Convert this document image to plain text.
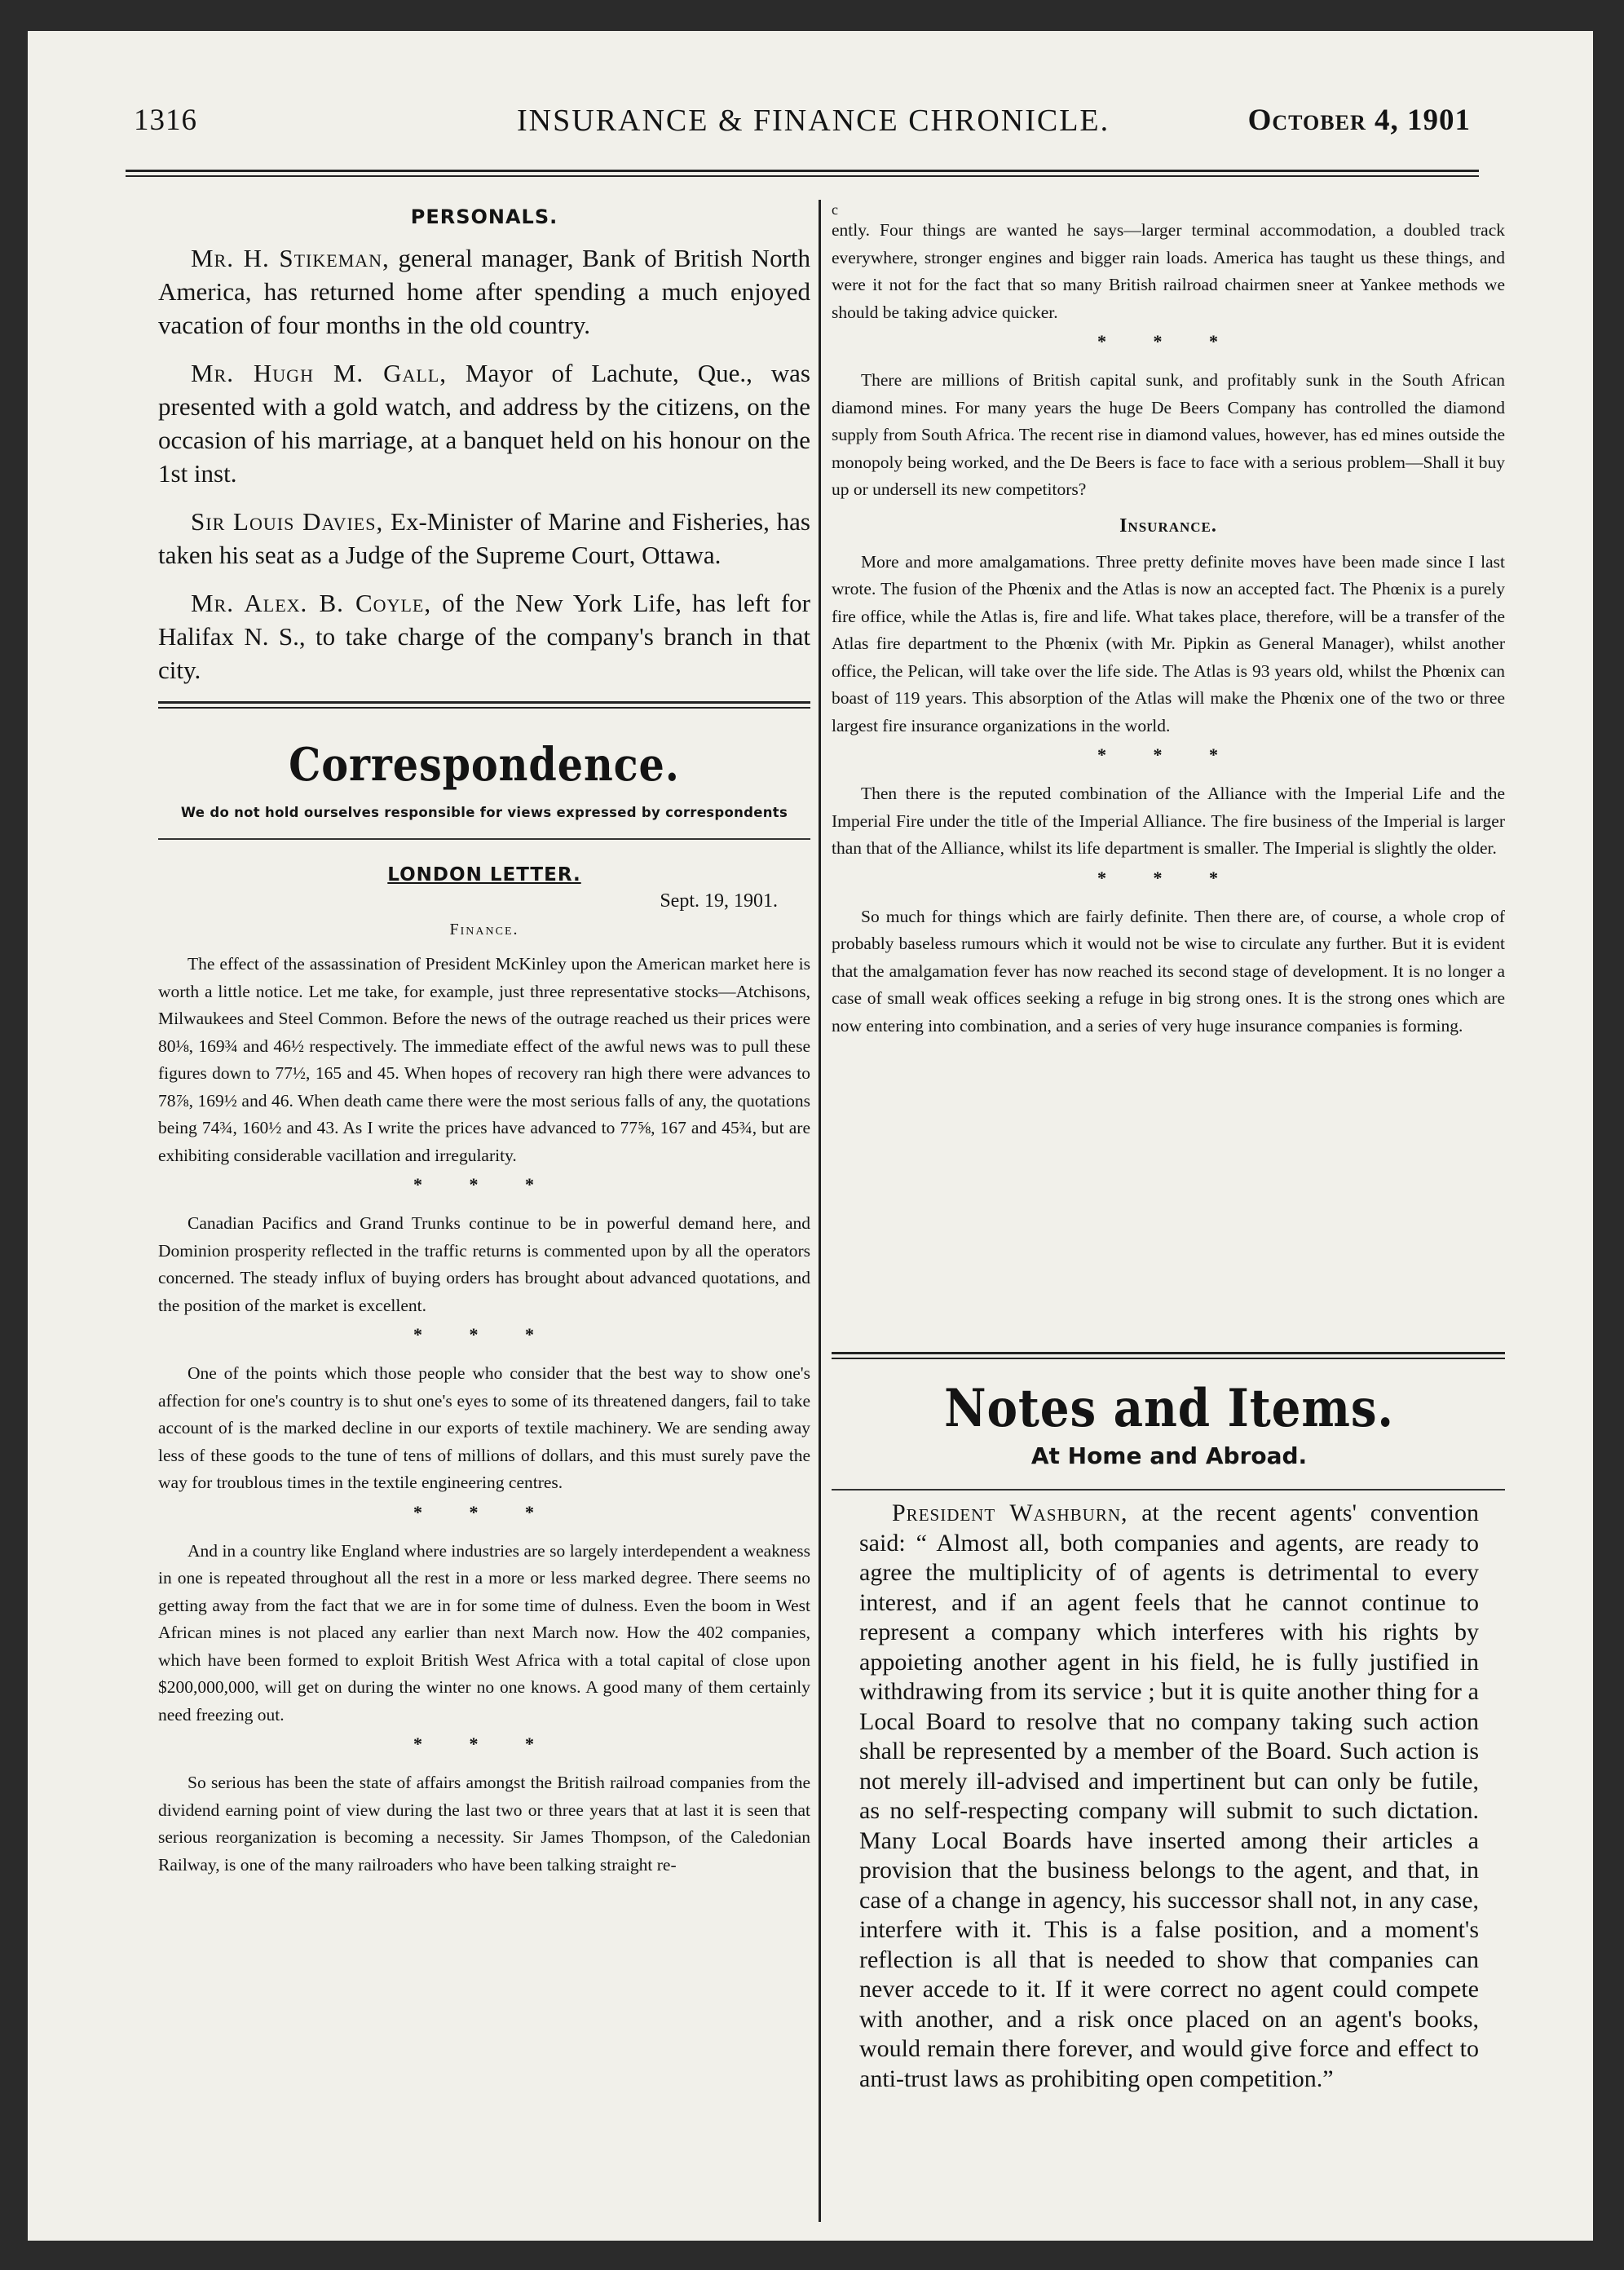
1316	INSURANCE & FINANCE CHRONICLE.	October 4, 1901
PERSONALS.

Mr. H. Stikeman, general manager, Bank of British North America, has returned home after spending a much enjoyed vacation of four months in the old country.

Mr. Hugh M. Gall, Mayor of Lachute, Que., was presented with a gold watch, and address by the citizens, on the occasion of his marriage, at a banquet held on his honour on the 1st inst.

Sir Louis Davies, Ex-Minister of Marine and Fisheries, has taken his seat as a Judge of the Supreme Court, Ottawa.

Mr. Alex. B. Coyle, of the New York Life, has left for Halifax N. S., to take charge of the company's branch in that city.

Correspondence.
We do not hold ourselves responsible for views expressed by correspondents
LONDON LETTER.
Sept. 19, 1901.
Finance.

The effect of the assassination of President McKinley upon the American market here is worth a little notice. Let me take, for example, just three representative stocks—Atchisons, Milwaukees and Steel Common. Before the news of the outrage reached us their prices were 80⅛, 169¾ and 46½ respectively. The immediate effect of the awful news was to pull these figures down to 77½, 165 and 45. When hopes of recovery ran high there were advances to 78⅞, 169½ and 46. When death came there were the most serious falls of any, the quotations being 74¾, 160½ and 43. As I write the prices have advanced to 77⅝, 167 and 45¾, but are exhibiting considerable vacillation and irregularity.

* * *

Canadian Pacifics and Grand Trunks continue to be in powerful demand here, and Dominion prosperity reflected in the traffic returns is commented upon by all the operators concerned. The steady influx of buying orders has brought about advanced quotations, and the position of the market is excellent.

* * *

One of the points which those people who consider that the best way to show one's affection for one's country is to shut one's eyes to some of its threatened dangers, fail to take account of is the marked decline in our exports of textile machinery. We are sending away less of these goods to the tune of tens of millions of dollars, and this must surely pave the way for troublous times in the textile engineering centres.

* * *

And in a country like England where industries are so largely interdependent a weakness in one is repeated throughout all the rest in a more or less marked degree. There seems no getting away from the fact that we are in for some time of dulness. Even the boom in West African mines is not placed any earlier than next March now. How the 402 companies, which have been formed to exploit British West Africa with a total capital of close upon $200,000,000, will get on during the winter no one knows. A good many of them certainly need freezing out.

* * *

So serious has been the state of affairs amongst the British railroad companies from the dividend earning point of view during the last two or three years that at last it is seen that serious reorganization is becoming a necessity. Sir James Thompson, of the Caledonian Railway, is one of the many railroaders who have been talking straight re-

c

ently. Four things are wanted he says—larger terminal accommodation, a doubled track everywhere, stronger engines and bigger rain loads. America has taught us these things, and were it not for the fact that so many British railroad chairmen sneer at Yankee methods we should be taking advice quicker.

* * *

There are millions of British capital sunk, and profitably sunk in the South African diamond mines. For many years the huge De Beers Company has controlled the diamond supply from South Africa. The recent rise in diamond values, however, has ed mines outside the monopoly being worked, and the De Beers is face to face with a serious problem—Shall it buy up or undersell its new competitors?

Insurance.

More and more amalgamations. Three pretty definite moves have been made since I last wrote. The fusion of the Phœnix and the Atlas is now an accepted fact. The Phœnix is a purely fire office, while the Atlas is, fire and life. What takes place, therefore, will be a transfer of the Atlas fire department to the Phœnix (with Mr. Pipkin as General Manager), whilst another office, the Pelican, will take over the life side. The Atlas is 93 years old, whilst the Phœnix can boast of 119 years. This absorption of the Atlas will make the Phœnix one of the two or three largest fire insurance organizations in the world.

* * *

Then there is the reputed combination of the Alliance with the Imperial Life and the Imperial Fire under the title of the Imperial Alliance. The fire business of the Imperial is larger than that of the Alliance, whilst its life department is smaller. The Imperial is slightly the older.

* * *

So much for things which are fairly definite. Then there are, of course, a whole crop of probably baseless rumours which it would not be wise to circulate any further. But it is evident that the amalgamation fever has now reached its second stage of development. It is no longer a case of small weak offices seeking a refuge in big strong ones. It is the strong ones which are now entering into combination, and a series of very huge insurance companies is forming.

Notes and Items.
At Home and Abroad.

President Washburn, at the recent agents' convention said: “ Almost all, both companies and agents, are ready to agree the multiplicity of of agents is detrimental to every interest, and if an agent feels that he cannot continue to represent a company which interferes with his rights by appoieting another agent in his field, he is fully justified in withdrawing from its service ; but it is quite another thing for a Local Board to resolve that no company taking such action shall be represented by a member of the Board. Such action is not merely ill-advised and impertinent but can only be futile, as no self-respecting company will submit to such dictation. Many Local Boards have inserted among their articles a provision that the business belongs to the agent, and that, in case of a change in agency, his successor shall not, in any case, interfere with it. This is a false position, and a moment's reflection is all that is needed to show that companies can never accede to it. If it were correct no agent could compete with another, and a risk once placed on an agent's books, would remain there forever, and would give force and effect to anti-trust laws as prohibiting open competition.”
